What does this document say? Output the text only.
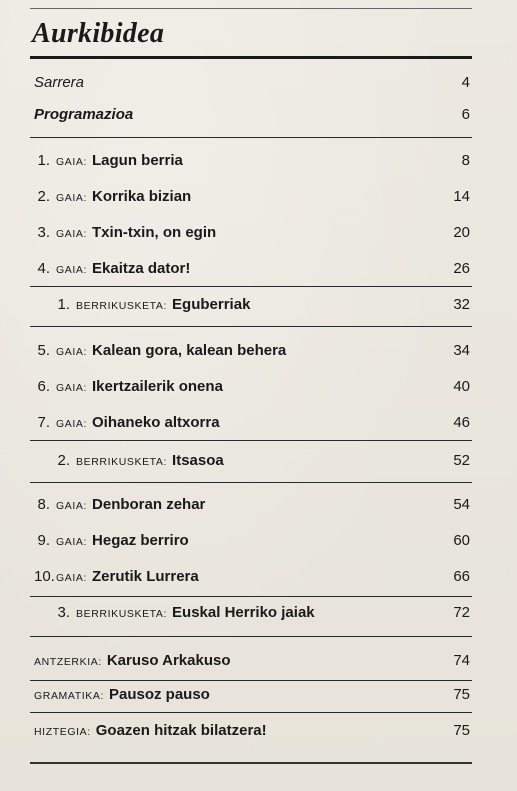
Aurkibidea
Sarrera	4
Programazioa	6
1. GAIA: Lagun berria	8
2. GAIA: Korrika bizian	14
3. GAIA: Txin-txin, on egin	20
4. GAIA: Ekaitza dator!	26
1. BERRIKUSKETA: Eguberriak	32
5. GAIA: Kalean gora, kalean behera	34
6. GAIA: Ikertzailerik onena	40
7. GAIA: Oihaneko altxorra	46
2. BERRIKUSKETA: Itsasoa	52
8. GAIA: Denboran zehar	54
9. GAIA: Hegaz berriro	60
10.GAIA: Zerutik Lurrera	66
3. BERRIKUSKETA: Euskal Herriko jaiak	72
ANTZERKIA: Karuso Arkakuso	74
GRAMATIKA: Pausoz pauso	75
HIZTEGIA: Goazen hitzak bilatzera!	75
